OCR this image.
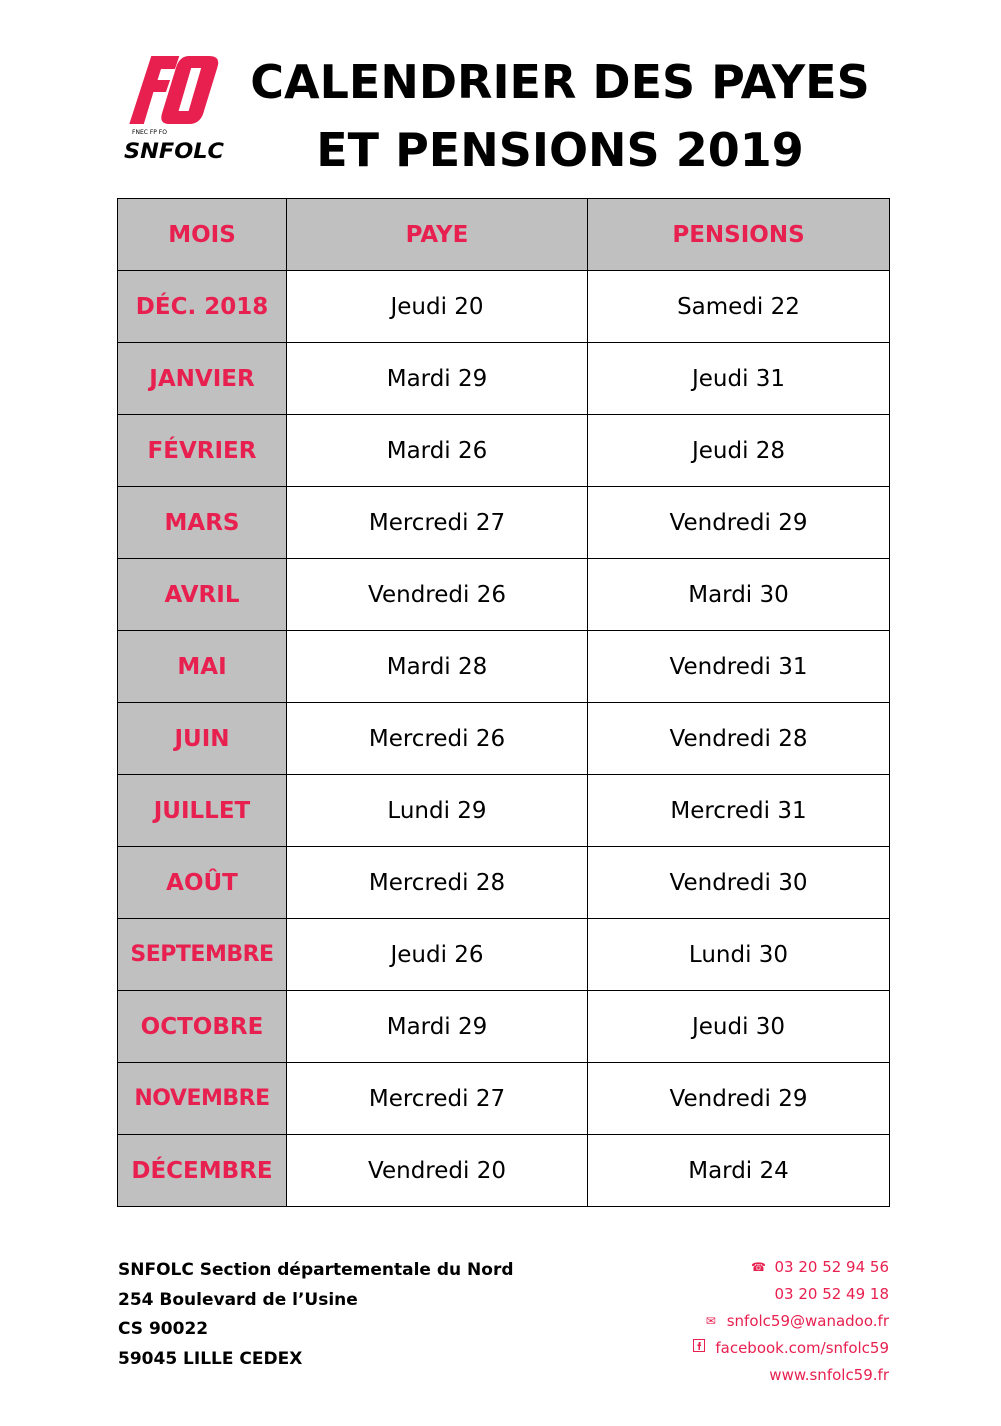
FNEC FP FO
SNFOLC
CALENDRIER DES PAYES
ET PENSIONS 2019
MOIS	PAYE	PENSIONS
DÉC. 2018	Jeudi 20	Samedi 22
JANVIER	Mardi 29	Jeudi 31
FÉVRIER	Mardi 26	Jeudi 28
MARS	Mercredi 27	Vendredi 29
AVRIL	Vendredi 26	Mardi 30
MAI	Mardi 28	Vendredi 31
JUIN	Mercredi 26	Vendredi 28
JUILLET	Lundi 29	Mercredi 31
AOÛT	Mercredi 28	Vendredi 30
SEPTEMBRE	Jeudi 26	Lundi 30
OCTOBRE	Mardi 29	Jeudi 30
NOVEMBRE	Mercredi 27	Vendredi 29
DÉCEMBRE	Vendredi 20	Mardi 24
SNFOLC Section départementale du Nord
254 Boulevard de l’Usine
CS 90022
59045 LILLE CEDEX
☎ 03 20 52 94 56
03 20 52 49 18
✉ snfolc59@wanadoo.fr
facebook.com/snfolc59
www.snfolc59.fr
